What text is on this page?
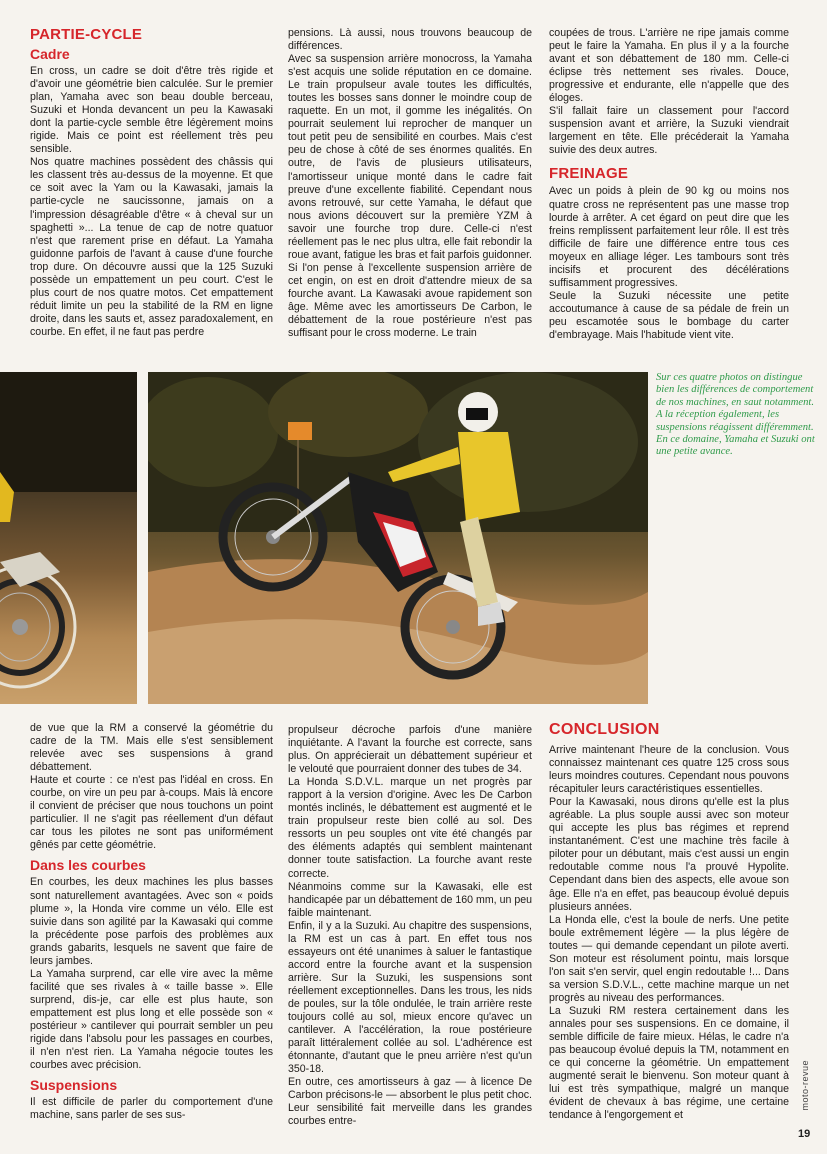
PARTIE-CYCLE
Cadre

En cross, un cadre se doit d'être très rigide et d'avoir une géométrie bien calculée. Sur le premier plan, Yamaha avec son beau double berceau, Suzuki et Honda devancent un peu la Kawasaki dont la partie-cycle semble être légèrement moins rigide. Mais ce point est réellement très peu sensible.

Nos quatre machines possèdent des châssis qui les classent très au-dessus de la moyenne. Et que ce soit avec la Yam ou la Kawasaki, jamais la partie-cycle ne saucissonne, jamais on a l'impression désagréable d'être « à cheval sur un spaghetti »... La tenue de cap de notre quatuor n'est que rarement prise en défaut. La Yamaha guidonne parfois de l'avant à cause d'une fourche trop dure. On découvre aussi que la 125 Suzuki possède un empattement un peu court. C'est le plus court de nos quatre motos. Cet empattement réduit limite un peu la stabilité de la RM en ligne droite, dans les sauts et, assez paradoxalement, en courbe. En effet, il ne faut pas perdre

pensions. Là aussi, nous trouvons beaucoup de différences.

Avec sa suspension arrière monocross, la Yamaha s'est acquis une solide réputation en ce domaine. Le train propulseur avale toutes les difficultés, toutes les bosses sans donner le moindre coup de raquette. En un mot, il gomme les inégalités. On pourrait seulement lui reprocher de manquer un tout petit peu de sensibilité en courbes. Mais c'est peu de chose à côté de ses énormes qualités. En outre, de l'avis de plusieurs utilisateurs, l'amortisseur unique monté dans le cadre fait preuve d'une excellente fiabilité. Cependant nous avons retrouvé, sur cette Yamaha, le défaut que nous avions découvert sur la première YZM à savoir une fourche trop dure. Celle-ci n'est réellement pas le nec plus ultra, elle fait rebondir la roue avant, fatigue les bras et fait parfois guidonner. Si l'on pense à l'excellente suspension arrière de cet engin, on est en droit d'attendre mieux de sa fourche avant. La Kawasaki avoue rapidement son âge. Même avec les amortisseurs De Carbon, le débattement de la roue postérieure n'est pas suffisant pour le cross moderne. Le train

coupées de trous. L'arrière ne ripe jamais comme peut le faire la Yamaha. En plus il y a la fourche avant et son débattement de 180 mm. Celle-ci éclipse très nettement ses rivales. Douce, progressive et endurante, elle n'appelle que des éloges.

S'il fallait faire un classement pour l'accord suspension avant et arrière, la Suzuki viendrait largement en tête. Elle précéderait la Yamaha suivie des deux autres.

FREINAGE

Avec un poids à plein de 90 kg ou moins nos quatre cross ne représentent pas une masse trop lourde à arrêter. A cet égard on peut dire que les freins remplissent parfaitement leur rôle. Il est très difficile de faire une différence entre tous ces moyeux en alliage léger. Les tambours sont très incisifs et procurent des décélérations suffisamment progressives.

Seule la Suzuki nécessite une petite accoutumance à cause de sa pédale de frein un peu escamotée sous le bombage du carter d'embrayage. Mais l'habitude vient vite.

Sur ces quatre photos on distingue bien les différences de comportement de nos machines, en saut notamment. A la réception également, les suspensions réagissent différemment. En ce domaine, Yamaha et Suzuki ont une petite avance.

de vue que la RM a conservé la géométrie du cadre de la TM. Mais elle s'est sensiblement relevée avec ses suspensions à grand débattement.

Haute et courte : ce n'est pas l'idéal en cross. En courbe, on vire un peu par à-coups. Mais là encore il convient de préciser que nous touchons un point particulier. Il ne s'agit pas réellement d'un défaut car tous les pilotes ne sont pas uniformément gênés par cette géométrie.

Dans les courbes

En courbes, les deux machines les plus basses sont naturellement avantagées. Avec son « poids plume », la Honda vire comme un vélo. Elle est suivie dans son agilité par la Kawasaki qui comme la précédente pose parfois des problèmes aux grands gabarits, lesquels ne savent que faire de leurs jambes.

La Yamaha surprend, car elle vire avec la même facilité que ses rivales à « taille basse ». Elle surprend, dis-je, car elle est plus haute, son empattement est plus long et elle possède son « postérieur » cantilever qui pourrait sembler un peu rigide dans l'absolu pour les passages en courbes, il n'en n'est rien. La Yamaha négocie toutes les courbes avec précision.

Suspensions

Il est difficile de parler du comportement d'une machine, sans parler de ses sus-

propulseur décroche parfois d'une manière inquiétante. A l'avant la fourche est correcte, sans plus. On apprécierait un débattement supérieur et le velouté que pourraient donner des tubes de 34.

La Honda S.D.V.L. marque un net progrès par rapport à la version d'origine. Avec les De Carbon montés inclinés, le débattement est augmenté et le train propulseur reste bien collé au sol. Des ressorts un peu souples ont vite été changés par des éléments adaptés qui semblent maintenant donner toute satisfaction. La fourche avant reste correcte.

Néanmoins comme sur la Kawasaki, elle est handicapée par un débattement de 160 mm, un peu faible maintenant.

Enfin, il y a la Suzuki. Au chapitre des suspensions, la RM est un cas à part. En effet tous nos essayeurs ont été unanimes à saluer le fantastique accord entre la fourche avant et la suspension arrière. Sur la Suzuki, les suspensions sont réellement exceptionnelles. Dans les trous, les nids de poules, sur la tôle ondulée, le train arrière reste toujours collé au sol, mieux encore qu'avec un cantilever. A l'accélération, la roue postérieure paraît littéralement collée au sol. L'adhérence est étonnante, d'autant que le pneu arrière n'est qu'un 350-18.

En outre, ces amortisseurs à gaz — à licence De Carbon précisons-le — absorbent le plus petit choc. Leur sensibilité fait merveille dans les grandes courbes entre-

CONCLUSION

Arrive maintenant l'heure de la conclusion. Vous connaissez maintenant ces quatre 125 cross sous leurs moindres coutures. Cependant nous pouvons récapituler leurs caractéristiques essentielles.

Pour la Kawasaki, nous dirons qu'elle est la plus agréable. La plus souple aussi avec son moteur qui accepte les plus bas régimes et reprend instantanément. C'est une machine très facile à piloter pour un débutant, mais c'est aussi un engin redoutable comme nous l'a prouvé Hypolite. Cependant dans bien des aspects, elle avoue son âge. Elle n'a en effet, pas beaucoup évolué depuis plusieurs années.

La Honda elle, c'est la boule de nerfs. Une petite boule extrêmement légère — la plus légère de toutes — qui demande cependant un pilote averti. Son moteur est résolument pointu, mais lorsque l'on sait s'en servir, quel engin redoutable !... Dans sa version S.D.V.L., cette machine marque un net progrès au niveau des performances.

La Suzuki RM restera certainement dans les annales pour ses suspensions. En ce domaine, il semble difficile de faire mieux. Hélas, le cadre n'a pas beaucoup évolué depuis la TM, notamment en ce qui concerne la géométrie. Un empattement augmenté serait le bienvenu. Son moteur quant à lui est très sympathique, malgré un manque évident de chevaux à bas régime, une certaine tendance à l'engorgement et

moto-revue
19
